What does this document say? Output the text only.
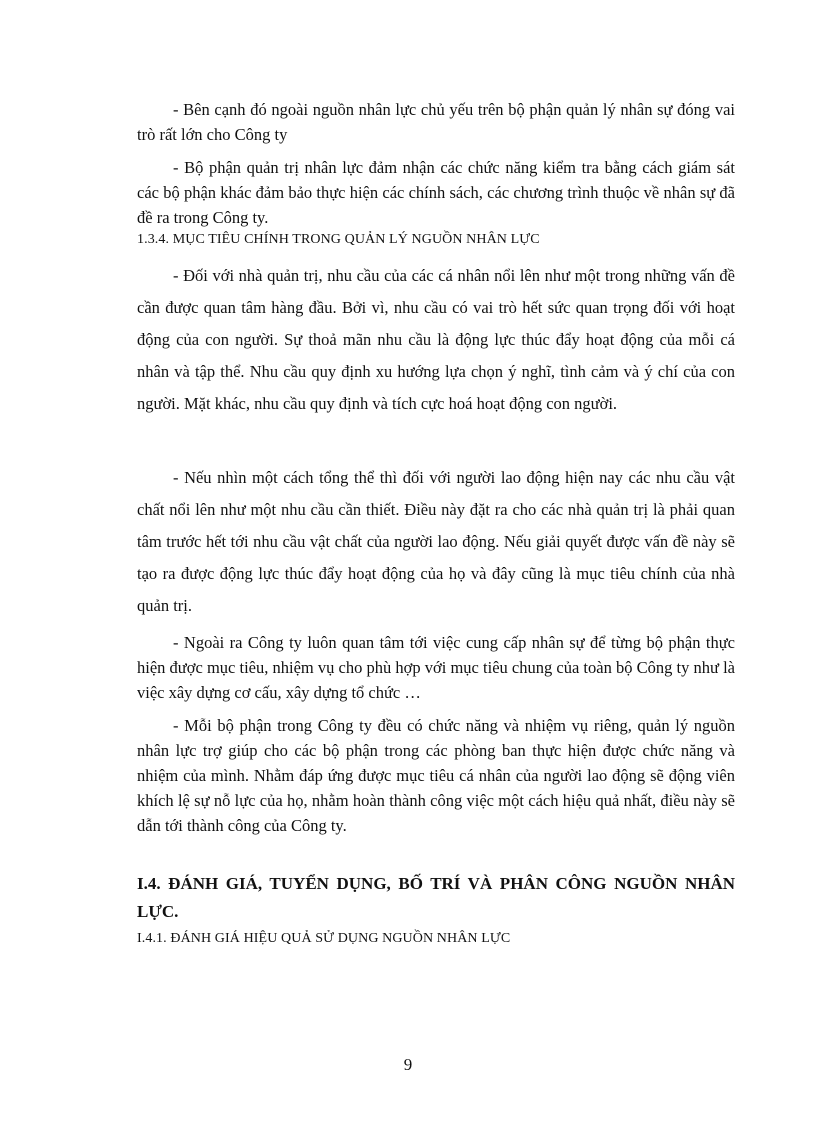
- Bên cạnh đó ngoài nguồn nhân lực chủ yếu trên bộ phận quản lý nhân sự đóng vai trò rất lớn cho Công ty

- Bộ phận quản trị nhân lực đảm nhận các chức năng kiểm tra bằng cách giám sát các bộ phận khác đảm bảo thực hiện các chính sách, các chương trình thuộc về nhân sự đã đề ra trong Công ty.

1.3.4. MỤC TIÊU CHÍNH TRONG QUẢN LÝ NGUỒN NHÂN LỰC

- Đối với nhà quản trị, nhu cầu của các cá nhân nổi lên như một trong những vấn đề cần được quan tâm hàng đầu. Bởi vì, nhu cầu có vai trò hết sức quan trọng đối với hoạt động của con người. Sự thoả mãn nhu cầu là động lực thúc đẩy hoạt động của mỗi cá nhân và tập thể. Nhu cầu quy định xu hướng lựa chọn ý nghĩ, tình cảm và ý chí của con người. Mặt khác, nhu cầu quy định và tích cực hoá hoạt động con người.

- Nếu nhìn một cách tổng thể thì đối với người lao động hiện nay các nhu cầu vật chất nổi lên như một nhu cầu cần thiết. Điều này đặt ra cho các nhà quản trị là phải quan tâm trước hết tới nhu cầu vật chất của người lao động. Nếu giải quyết được vấn đề này sẽ tạo ra được động lực thúc đẩy hoạt động của họ và đây cũng là mục tiêu chính của nhà quản trị.

- Ngoài ra Công ty luôn quan tâm tới việc cung cấp nhân sự để từng bộ phận thực hiện được mục tiêu, nhiệm vụ cho phù hợp với mục tiêu chung của toàn bộ Công ty như là việc xây dựng cơ cấu, xây dựng tổ chức …

- Mỗi bộ phận trong Công ty đều có chức năng và nhiệm vụ riêng, quản lý nguồn nhân lực trợ giúp cho các bộ phận trong các phòng ban thực hiện được chức năng và nhiệm của mình. Nhằm đáp ứng được mục tiêu cá nhân của người lao động sẽ động viên khích lệ sự nỗ lực của họ, nhằm hoàn thành công việc một cách hiệu quả nhất, điều này sẽ dẫn tới thành công của Công ty.

I.4. ĐÁNH GIÁ, TUYỂN DỤNG, BỐ TRÍ VÀ PHÂN CÔNG NGUỒN NHÂN LỰC.

I.4.1. ĐÁNH GIÁ HIỆU QUẢ SỬ DỤNG NGUỒN NHÂN LỰC

9
